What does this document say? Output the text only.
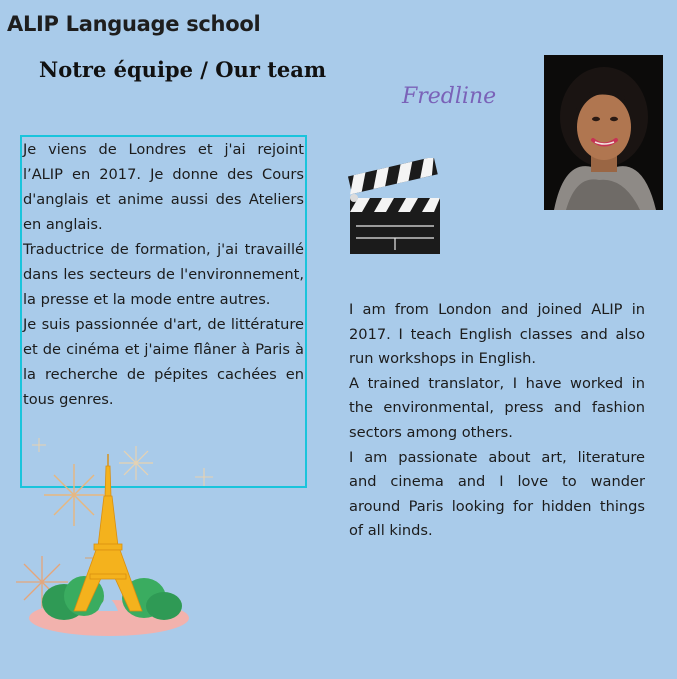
ALIP Language school
Notre équipe / Our team
Fredline

Je viens de Londres et j'ai rejoint l’ALIP en 2017. Je donne des Cours d'anglais et anime aussi des Ateliers en anglais.

Traductrice de formation, j'ai travaillé dans les secteurs de l'environnement, la presse et la mode entre autres.

Je suis passionnée d'art, de littérature et de cinéma et j'aime flâner à Paris à la recherche de pépites cachées en tous genres.

I am from London and joined ALIP in 2017. I teach English classes and also run workshops in English.

A trained translator, I have worked in the environmental, press and fashion sectors among others.

I am passionate about art, literature and cinema and I love to wander around Paris looking for hidden things of all kinds.
